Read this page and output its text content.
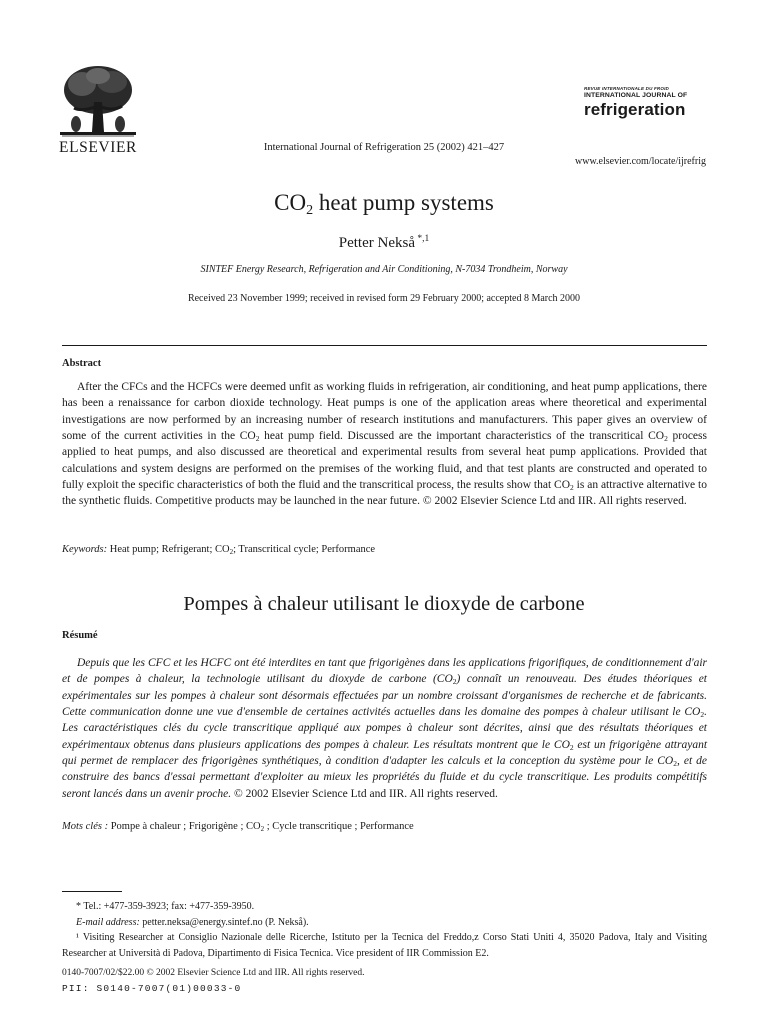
ELSEVIER	International Journal of Refrigeration 25 (2002) 421–427
REVUE INTERNATIONALE DU FROID
INTERNATIONAL JOURNAL OF
refrigeration
www.elsevier.com/locate/ijrefrig
$CO_2$ heat pump systems
Petter Nekså $^{*,1}$
SINTEF Energy Research, Refrigeration and Air Conditioning, N-7034 Trondheim, Norway
Received 23 November 1999; received in revised form 29 February 2000; accepted 8 March 2000
Abstract

After the CFCs and the HCFCs were deemed unfit as working fluids in refrigeration, air conditioning, and heat pump applications, there has been a renaissance for carbon dioxide technology. Heat pumps is one of the application areas where theoretical and experimental investigations are now performed by an increasing number of research institutions and manufacturers. This paper gives an overview of some of the current activities in the $CO_2$ heat pump field. Discussed are the important characteristics of the transcritical $CO_2$ process applied to heat pumps, and also discussed are theoretical and experimental results from several heat pump applications. Provided that calculations and system designs are performed on the premises of the working fluid, and that test plants are constructed and operated to fully exploit the specific characteristics of both the fluid and the transcritical process, the results show that $CO_2$ is an attractive alternative to the synthetic fluids. Competitive products may be launched in the near future. © 2002 Elsevier Science Ltd and IIR. All rights reserved.

Keywords: Heat pump; Refrigerant; $CO_2$; Transcritical cycle; Performance
Pompes à chaleur utilisant le dioxyde de carbone
Résumé

Depuis que les CFC et les HCFC ont été interdites en tant que frigorigènes dans les applications frigorifiques, de conditionnement d'air et de pompes à chaleur, la technologie utilisant du dioxyde de carbone $(CO_2)$ connaît un renouveau. Des études théoriques et expérimentales sur les pompes à chaleur sont désormais effectuées par un nombre croissant d'organismes de recherche et de fabricants. Cette communication donne une vue d'ensemble de certaines activités actuelles dans les domaine des pompes à chaleur utilisant le $CO_2$. Les caractéristiques clés du cycle transcritique appliqué aux pompes à chaleur sont décrites, ainsi que des résultats théoriques et expérimentaux obtenus dans plusieurs applications des pompes à chaleur. Les résultats montrent que le $CO_2$ est un frigorigène attrayant qui permet de remplacer des frigorigènes synthétiques, à condition d'adapter les calculs et la conception du système pour le $CO_2$, et de construire des bancs d'essai permettant d'exploiter au mieux les propriétés du fluide et du cycle transcritique. Les produits compétitifs seront lancés dans un avenir proche. © 2002 Elsevier Science Ltd and IIR. All rights reserved.

Mots clés : Pompe à chaleur ; Frigorigène ; $CO_2$ ; Cycle transcritique ; Performance

* Tel.: +477-359-3923; fax: +477-359-3950.

E-mail address: petter.neksa@energy.sintef.no (P. Nekså).

¹ Visiting Researcher at Consiglio Nazionale delle Ricerche, Istituto per la Tecnica del Freddo,z Corso Stati Uniti 4, 35020 Padova, Italy and Visiting Researcher at Università di Padova, Dipartimento di Fisica Tecnica. Vice president of IIR Commission E2.

0140-7007/02/$22.00 © 2002 Elsevier Science Ltd and IIR. All rights reserved.
PII: S0140-7007(01)00033-0
